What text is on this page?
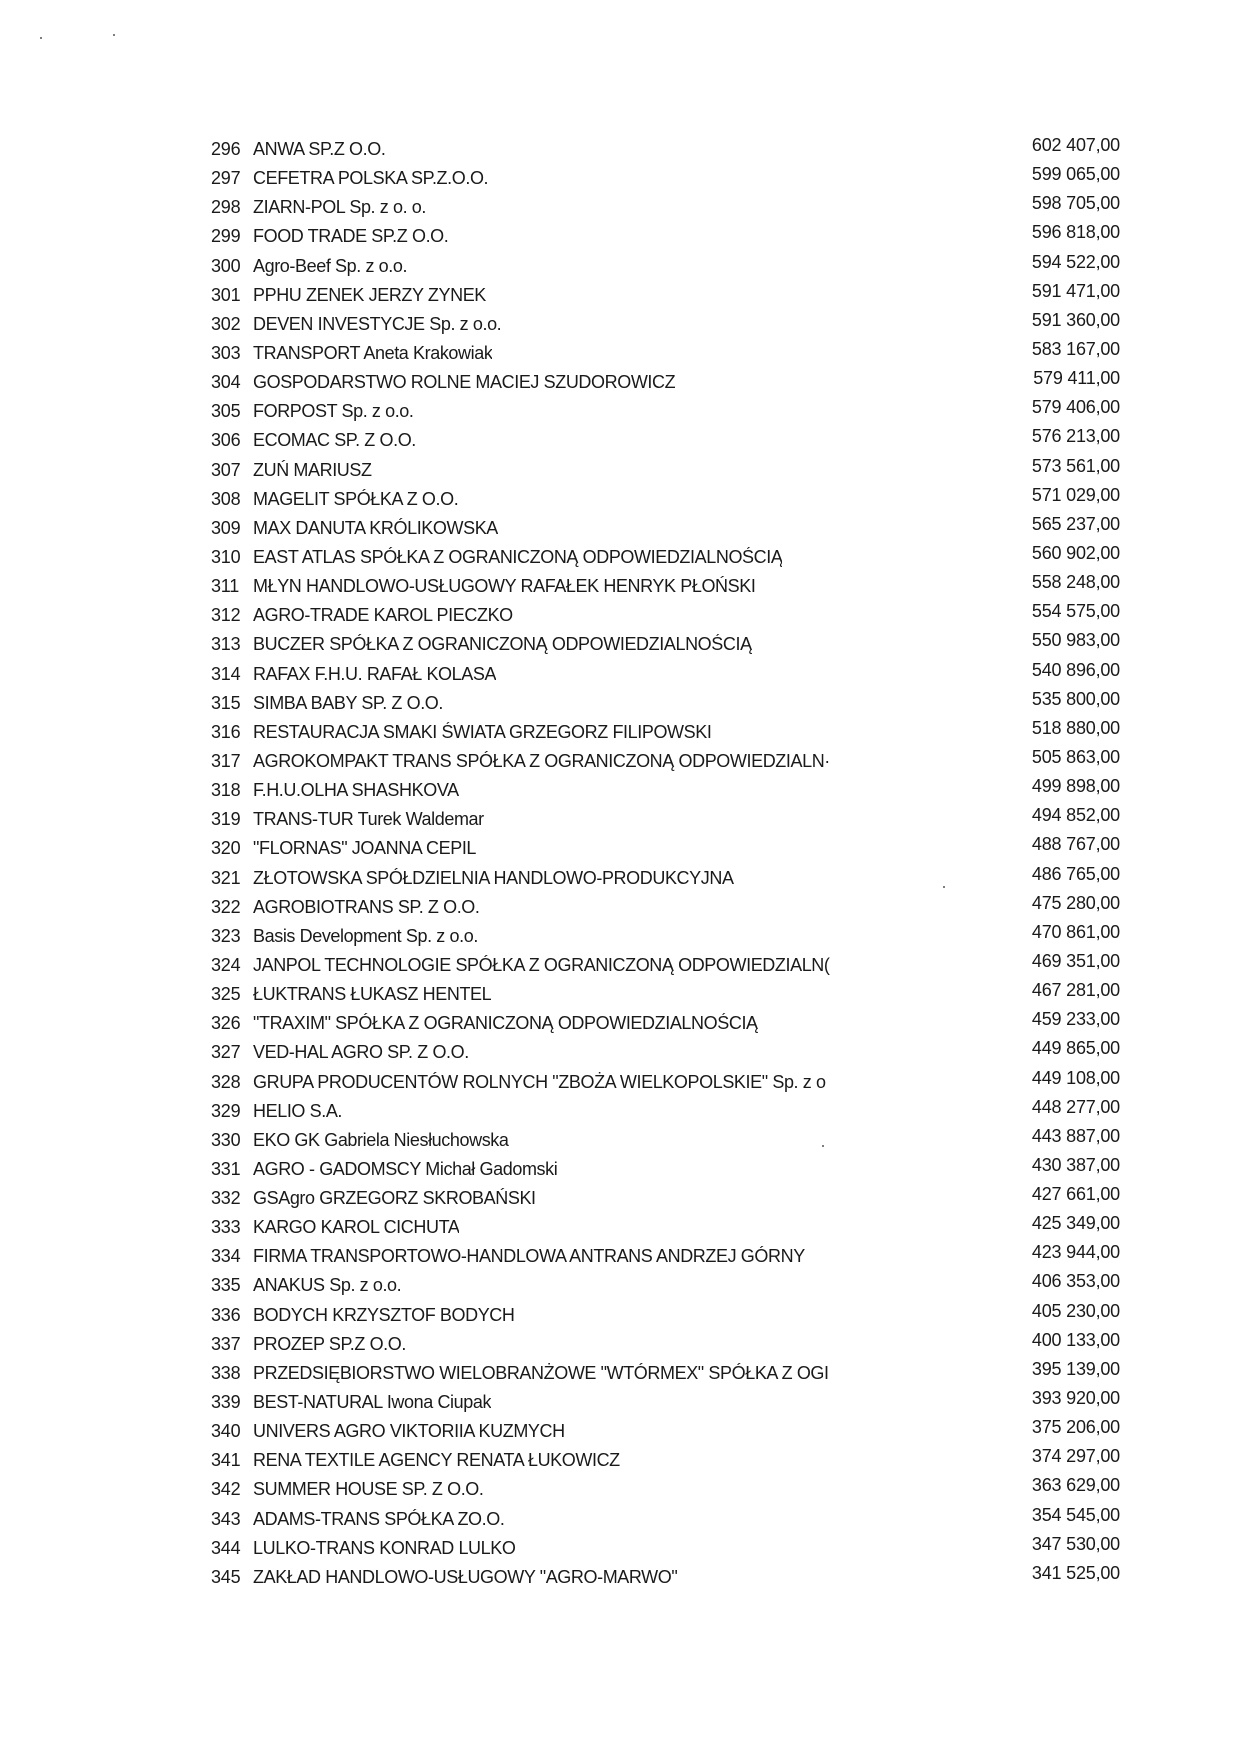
296 ANWA SP.Z O.O.	602 407,00
297 CEFETRA POLSKA SP.Z.O.O.	599 065,00
298 ZIARN-POL Sp. z o. o.	598 705,00
299 FOOD TRADE SP.Z O.O.	596 818,00
300 Agro-Beef Sp. z o.o.	594 522,00
301 PPHU ZENEK JERZY ZYNEK	591 471,00
302 DEVEN INVESTYCJE Sp. z o.o.	591 360,00
303 TRANSPORT Aneta Krakowiak	583 167,00
304 GOSPODARSTWO ROLNE MACIEJ SZUDOROWICZ	579 411,00
305 FORPOST Sp. z o.o.	579 406,00
306 ECOMAC SP. Z O.O.	576 213,00
307 ZUŃ MARIUSZ	573 561,00
308 MAGELIT SPÓŁKA Z O.O.	571 029,00
309 MAX DANUTA KRÓLIKOWSKA	565 237,00
310 EAST ATLAS SPÓŁKA Z OGRANICZONĄ ODPOWIEDZIALNOŚCIĄ	560 902,00
311 MŁYN HANDLOWO-USŁUGOWY RAFAŁEK HENRYK PŁOŃSKI	558 248,00
312 AGRO-TRADE KAROL PIECZKO	554 575,00
313 BUCZER SPÓŁKA Z OGRANICZONĄ ODPOWIEDZIALNOŚCIĄ	550 983,00
314 RAFAX F.H.U. RAFAŁ KOLASA	540 896,00
315 SIMBA BABY SP. Z O.O.	535 800,00
316 RESTAURACJA SMAKI ŚWIATA GRZEGORZ FILIPOWSKI	518 880,00
317 AGROKOMPAKT TRANS SPÓŁKA Z OGRANICZONĄ ODPOWIEDZIALN·	505 863,00
318 F.H.U.OLHA SHASHKOVA	499 898,00
319 TRANS-TUR Turek Waldemar	494 852,00
320 "FLORNAS" JOANNA CEPIL	488 767,00
321 ZŁOTOWSKA SPÓŁDZIELNIA HANDLOWO-PRODUKCYJNA	486 765,00
322 AGROBIOTRANS SP. Z O.O.	475 280,00
323 Basis Development Sp. z o.o.	470 861,00
324 JANPOL TECHNOLOGIE SPÓŁKA Z OGRANICZONĄ ODPOWIEDZIALN(	469 351,00
325 ŁUKTRANS ŁUKASZ HENTEL	467 281,00
326 "TRAXIM" SPÓŁKA Z OGRANICZONĄ ODPOWIEDZIALNOŚCIĄ	459 233,00
327 VED-HAL AGRO SP. Z O.O.	449 865,00
328 GRUPA PRODUCENTÓW ROLNYCH "ZBOŻA WIELKOPOLSKIE" Sp. z o	449 108,00
329 HELIO S.A.	448 277,00
330 EKO GK Gabriela Niesłuchowska	443 887,00
331 AGRO - GADOMSCY Michał Gadomski	430 387,00
332 GSAgro GRZEGORZ SKROBAŃSKI	427 661,00
333 KARGO KAROL CICHUTA	425 349,00
334 FIRMA TRANSPORTOWO-HANDLOWA ANTRANS ANDRZEJ GÓRNY	423 944,00
335 ANAKUS Sp. z o.o.	406 353,00
336 BODYCH KRZYSZTOF BODYCH	405 230,00
337 PROZEP SP.Z O.O.	400 133,00
338 PRZEDSIĘBIORSTWO WIELOBRANŻOWE "WTÓRMEX" SPÓŁKA Z OGI	395 139,00
339 BEST-NATURAL Iwona Ciupak	393 920,00
340 UNIVERS AGRO VIKTORIIA KUZMYCH	375 206,00
341 RENA TEXTILE AGENCY RENATA ŁUKOWICZ	374 297,00
342 SUMMER HOUSE SP. Z O.O.	363 629,00
343 ADAMS-TRANS SPÓŁKA ZO.O.	354 545,00
344 LULKO-TRANS KONRAD LULKO	347 530,00
345 ZAKŁAD HANDLOWO-USŁUGOWY "AGRO-MARWO"	341 525,00
